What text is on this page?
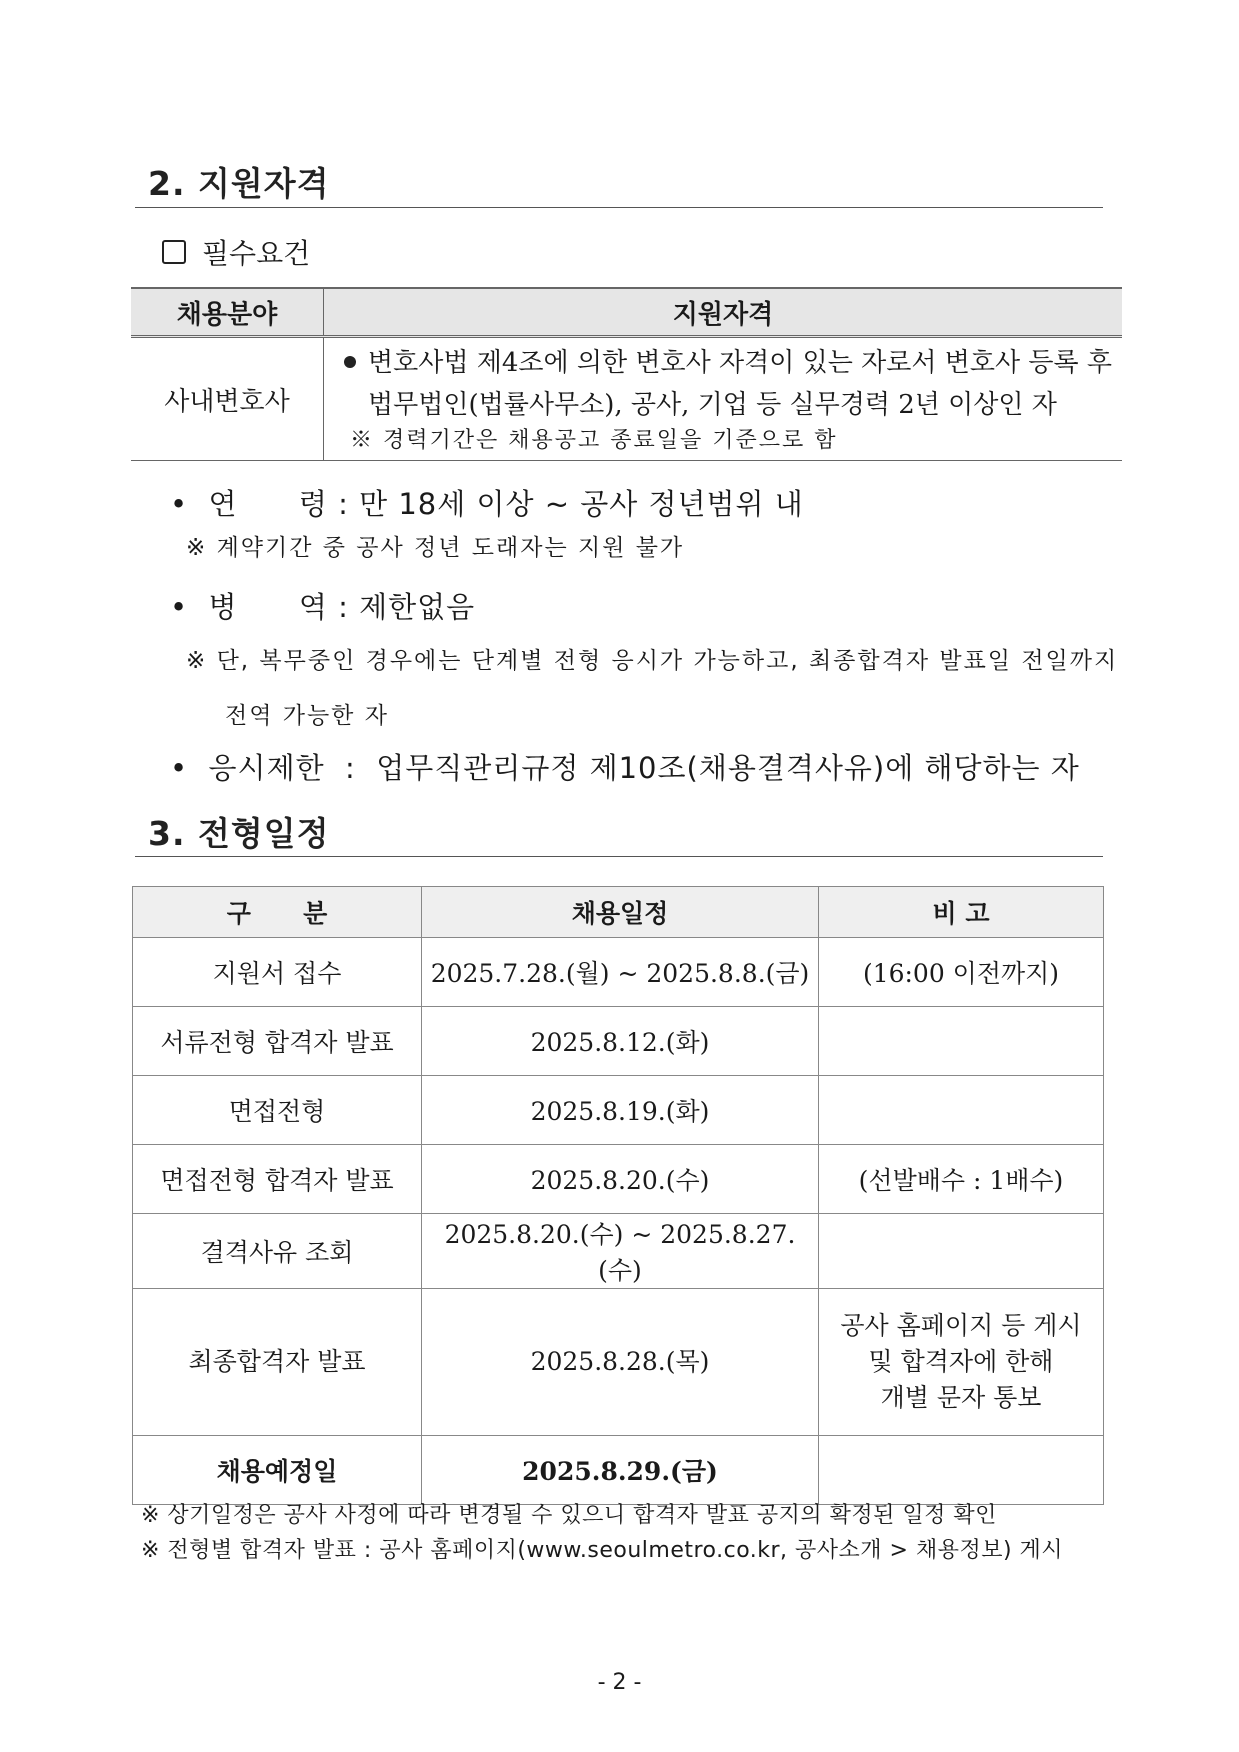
2. 지원자격
필수요건
채용분야	지원자격
사내변호사	변호사법 제4조에 의한 변호사 자격이 있는 자로서 변호사 등록 후
법무법인(법률사무소), 공사, 기업 등 실무경력 2년 이상인 자
※ 경력기간은 채용공고 종료일을 기준으로 함
• 연      령 : 만 18세 이상 ~ 공사 정년범위 내
※ 계약기간 중 공사 정년 도래자는 지원 불가
• 병      역 : 제한없음
※ 단, 복무중인 경우에는 단계별 전형 응시가 가능하고, 최종합격자 발표일 전일까지
전역 가능한 자
• 응시제한 : 업무직관리규정 제10조(채용결격사유)에 해당하는 자
3. 전형일정
구      분	채용일정	비 고
지원서 접수	2025.7.28.(월) ~ 2025.8.8.(금)	(16:00 이전까지)
서류전형 합격자 발표	2025.8.12.(화)	
면접전형	2025.8.19.(화)	
면접전형 합격자 발표	2025.8.20.(수)	(선발배수 : 1배수)
결격사유 조회	2025.8.20.(수) ~ 2025.8.27.(수)	
최종합격자 발표	2025.8.28.(목)	공사 홈페이지 등 게시
및 합격자에 한해
개별 문자 통보

채용예정일	2025.8.29.(금)	
※ 상기일정은 공사 사정에 따라 변경될 수 있으니 합격자 발표 공지의 확정된 일정 확인
※ 전형별 합격자 발표 : 공사 홈페이지(www.seoulmetro.co.kr, 공사소개 > 채용정보) 게시
- 2 -
